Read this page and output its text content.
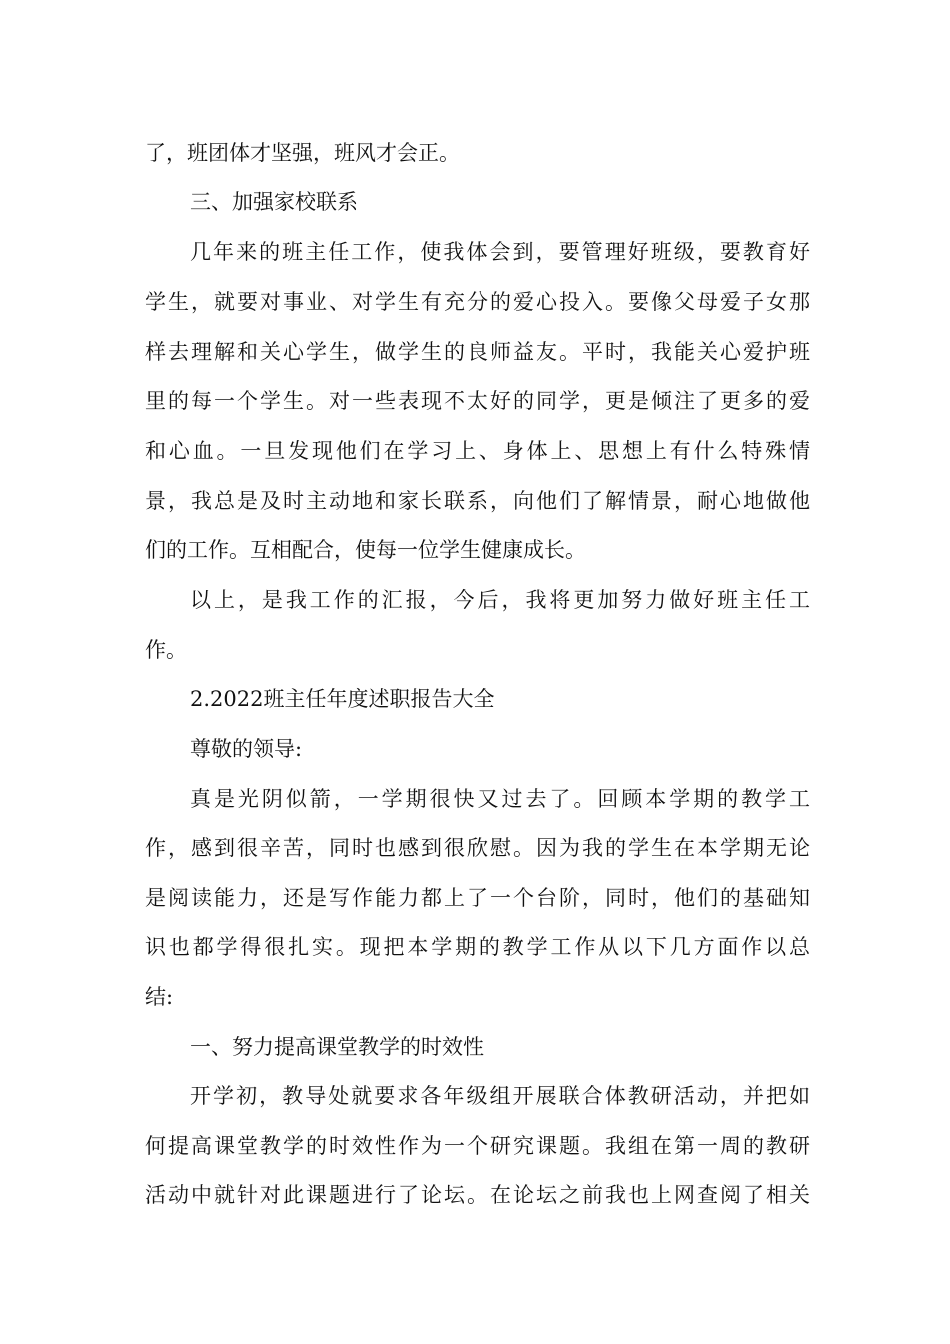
了，班团体才坚强，班风才会正。
三、加强家校联系
几年来的班主任工作，使我体会到，要管理好班级，要教育好
学生，就要对事业、对学生有充分的爱心投入。要像父母爱子女那
样去理解和关心学生，做学生的良师益友。平时，我能关心爱护班
里的每一个学生。对一些表现不太好的同学，更是倾注了更多的爱
和心血。一旦发现他们在学习上、身体上、思想上有什么特殊情
景，我总是及时主动地和家长联系，向他们了解情景，耐心地做他
们的工作。互相配合，使每一位学生健康成长。
以上，是我工作的汇报，今后，我将更加努力做好班主任工
作。
2.2022班主任年度述职报告大全
尊敬的领导:
真是光阴似箭，一学期很快又过去了。回顾本学期的教学工
作，感到很辛苦，同时也感到很欣慰。因为我的学生在本学期无论
是阅读能力，还是写作能力都上了一个台阶，同时，他们的基础知
识也都学得很扎实。现把本学期的教学工作从以下几方面作以总
结:
一、努力提高课堂教学的时效性
开学初，教导处就要求各年级组开展联合体教研活动，并把如
何提高课堂教学的时效性作为一个研究课题。我组在第一周的教研
活动中就针对此课题进行了论坛。在论坛之前我也上网查阅了相关
